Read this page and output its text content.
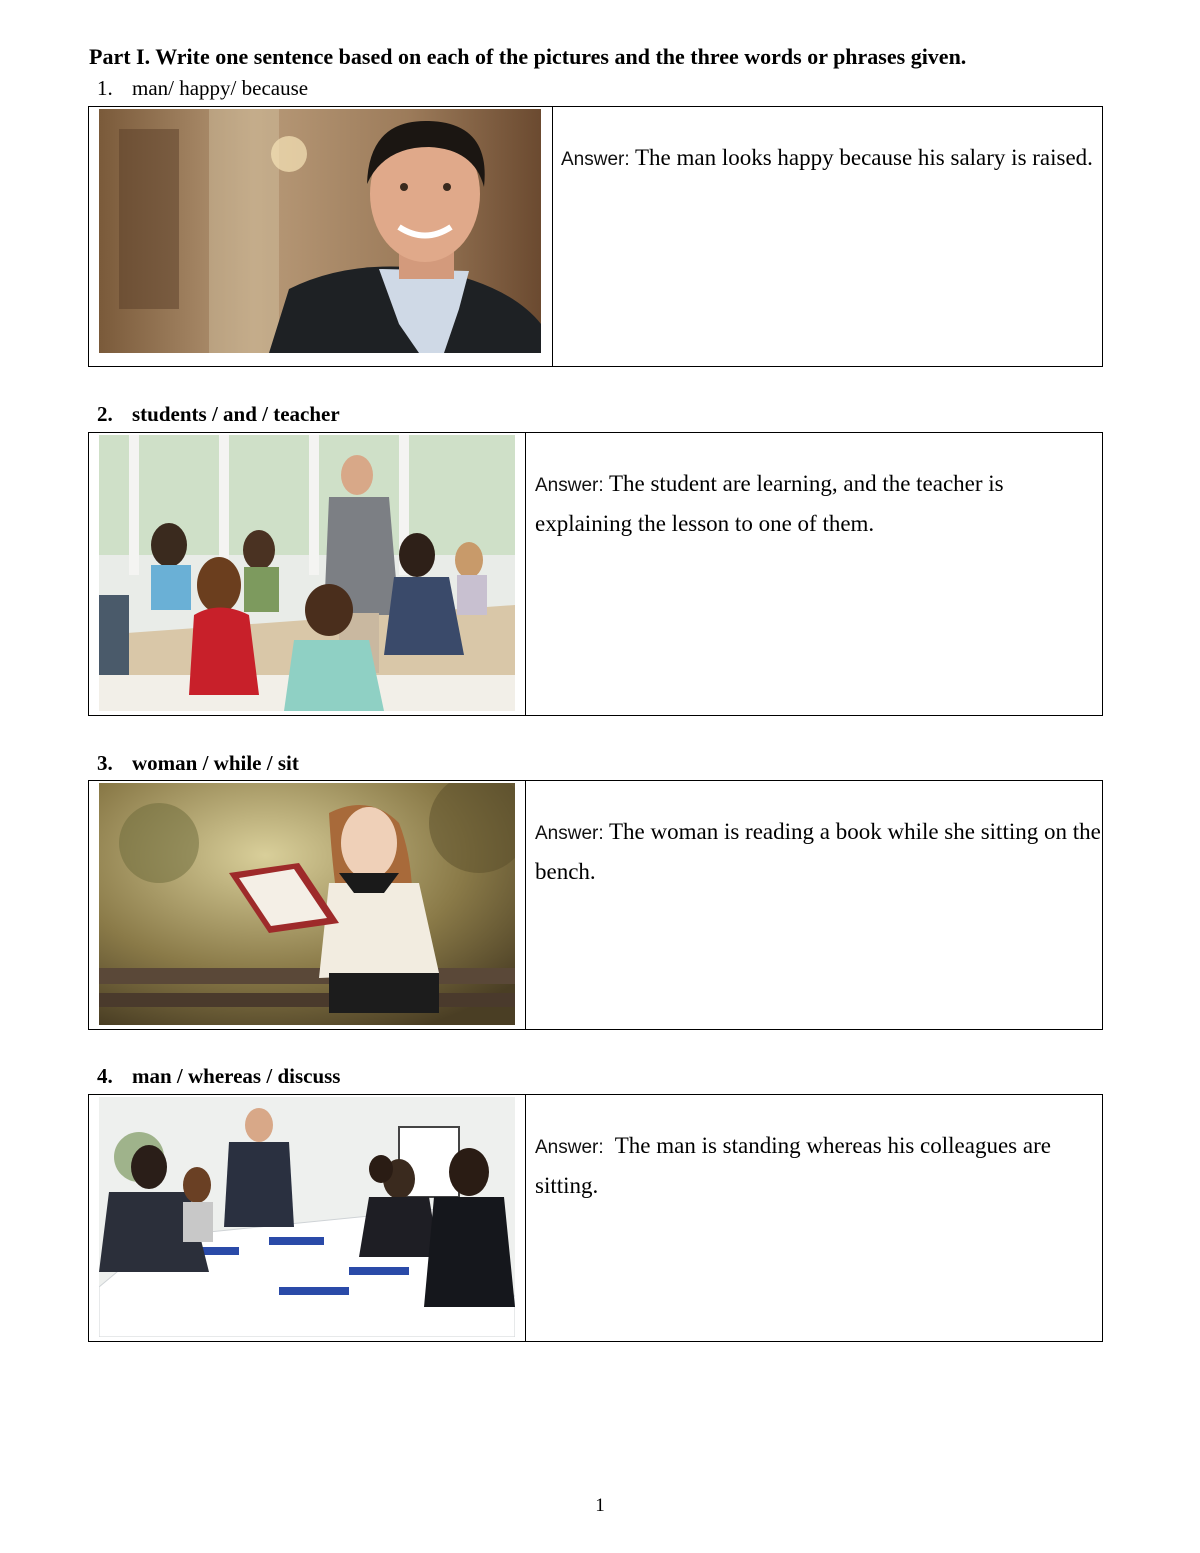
Part I. Write one sentence based on each of the pictures and the three words or phrases given.
1. man/ happy/ because
Answer: The man looks happy because his salary is raised.
2. students / and / teacher
Answer: The student are learning, and the teacher is explaining the lesson to one of them.
3. woman / while / sit
Answer: The woman is reading a book while she sitting on the bench.
4. man / whereas / discuss
Answer:  The man is standing whereas his colleagues are sitting.
1
